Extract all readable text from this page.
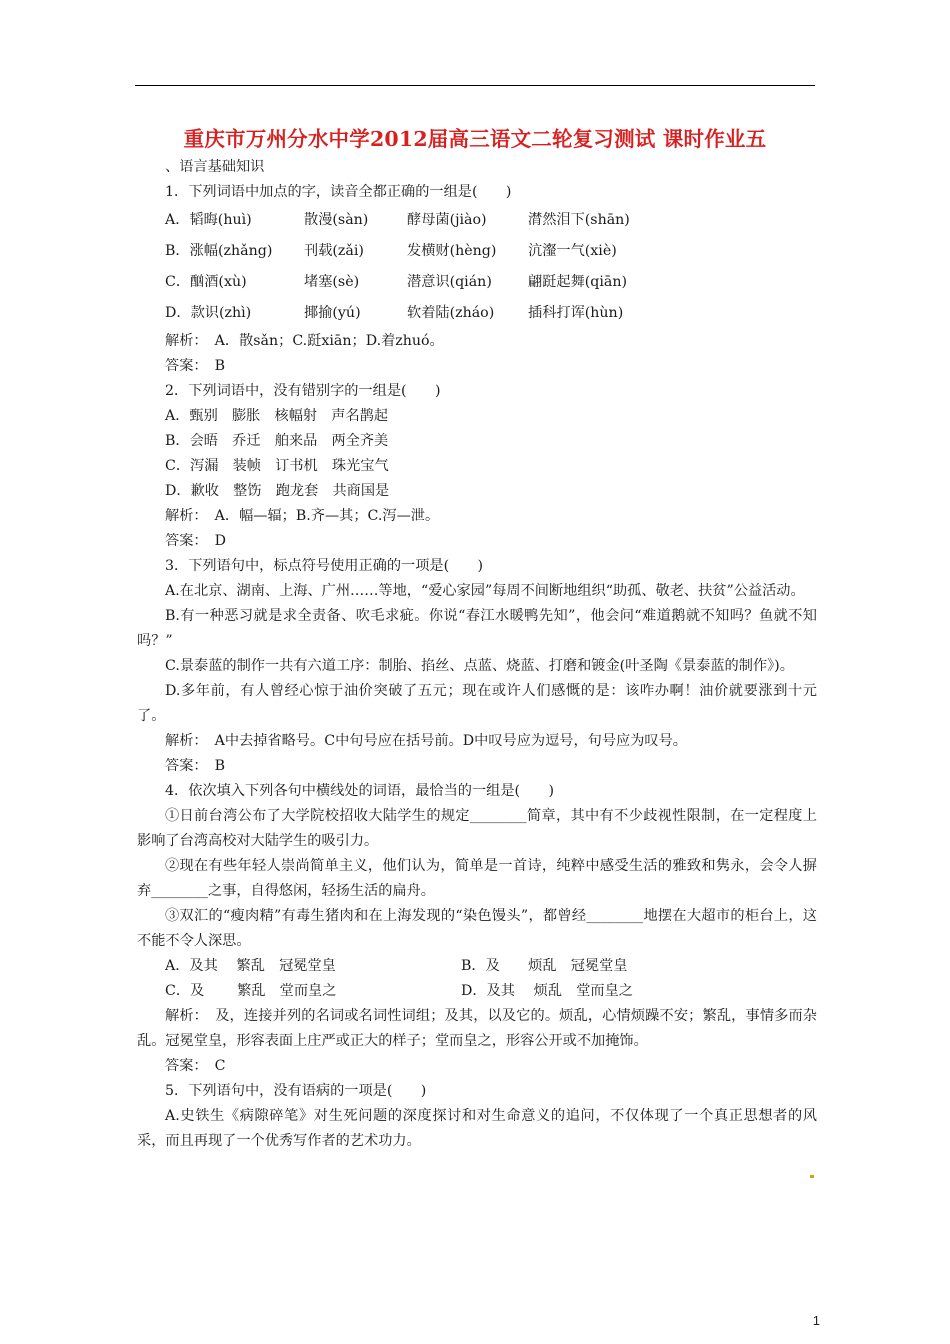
重庆市万州分水中学2012届高三语文二轮复习测试 课时作业五
、语言基础知识
1．下列词语中加点的字，读音全都正确的一组是(　　)
A．韬晦(huì)	散漫(sàn)	酵母菌(jiào)	潸然泪下(shān)
B．涨幅(zhǎng)	刊载(zǎi)	发横财(hèng)	沆瀣一气(xiè)
C．酗酒(xù)	堵塞(sè)	潜意识(qián)	翩跹起舞(qiān)
D．款识(zhì)	揶揄(yú)	软着陆(zháo)	插科打诨(hùn)
解析：　A．散sǎn；C.跹xiān；D.着zhuó。
答案：　B
2．下列词语中，没有错别字的一组是(　　)
A．甄别　膨胀　核幅射　声名鹊起
B．会晤　乔迁　舶来品　两全齐美
C．泻漏　装帧　订书机　珠光宝气
D．歉收　整饬　跑龙套　共商国是
解析：　A．幅—辐；B.齐—其；C.泻—泄。
答案：　D
3．下列语句中，标点符号使用正确的一项是(　　)
A.在北京、湖南、上海、广州……等地，“爱心家园”每周不间断地组织“助孤、敬老、扶贫”公益活动。
B.有一种恶习就是求全责备、吹毛求疵。你说“春江水暖鸭先知”，他会问“难道鹅就不知吗？鱼就不知吗？”
C.景泰蓝的制作一共有六道工序：制胎、掐丝、点蓝、烧蓝、打磨和镀金(叶圣陶《景泰蓝的制作》)。
D.多年前，有人曾经心惊于油价突破了五元；现在或许人们感慨的是：该咋办啊！油价就要涨到十元了。
解析：　A中去掉省略号。C中句号应在括号前。D中叹号应为逗号，句号应为叹号。
答案：　B
4．依次填入下列各句中横线处的词语，最恰当的一组是(　　)
①日前台湾公布了大学院校招收大陆学生的规定________简章，其中有不少歧视性限制，在一定程度上影响了台湾高校对大陆学生的吸引力。
②现在有些年轻人崇尚简单主义，他们认为，简单是一首诗，纯粹中感受生活的雅致和隽永，会令人摒弃________之事，自得悠闲，轻扬生活的扁舟。
③双汇的“瘦肉精”有毒生猪肉和在上海发现的“染色馒头”，都曾经________地摆在大超市的柜台上，这不能不令人深思。
A．及其　 繁乱　冠冕堂皇	B．及　　烦乱　冠冕堂皇
C．及　　 繁乱　堂而皇之	D．及其　 烦乱　堂而皇之
解析：　及，连接并列的名词或名词性词组；及其，以及它的。烦乱，心情烦躁不安；繁乱，事情多而杂乱。冠冕堂皇，形容表面上庄严或正大的样子；堂而皇之，形容公开或不加掩饰。
答案：　C
5．下列语句中，没有语病的一项是(　　)
A.史铁生《病隙碎笔》对生死问题的深度探讨和对生命意义的追问，不仅体现了一个真正思想者的风采，而且再现了一个优秀写作者的艺术功力。
1
